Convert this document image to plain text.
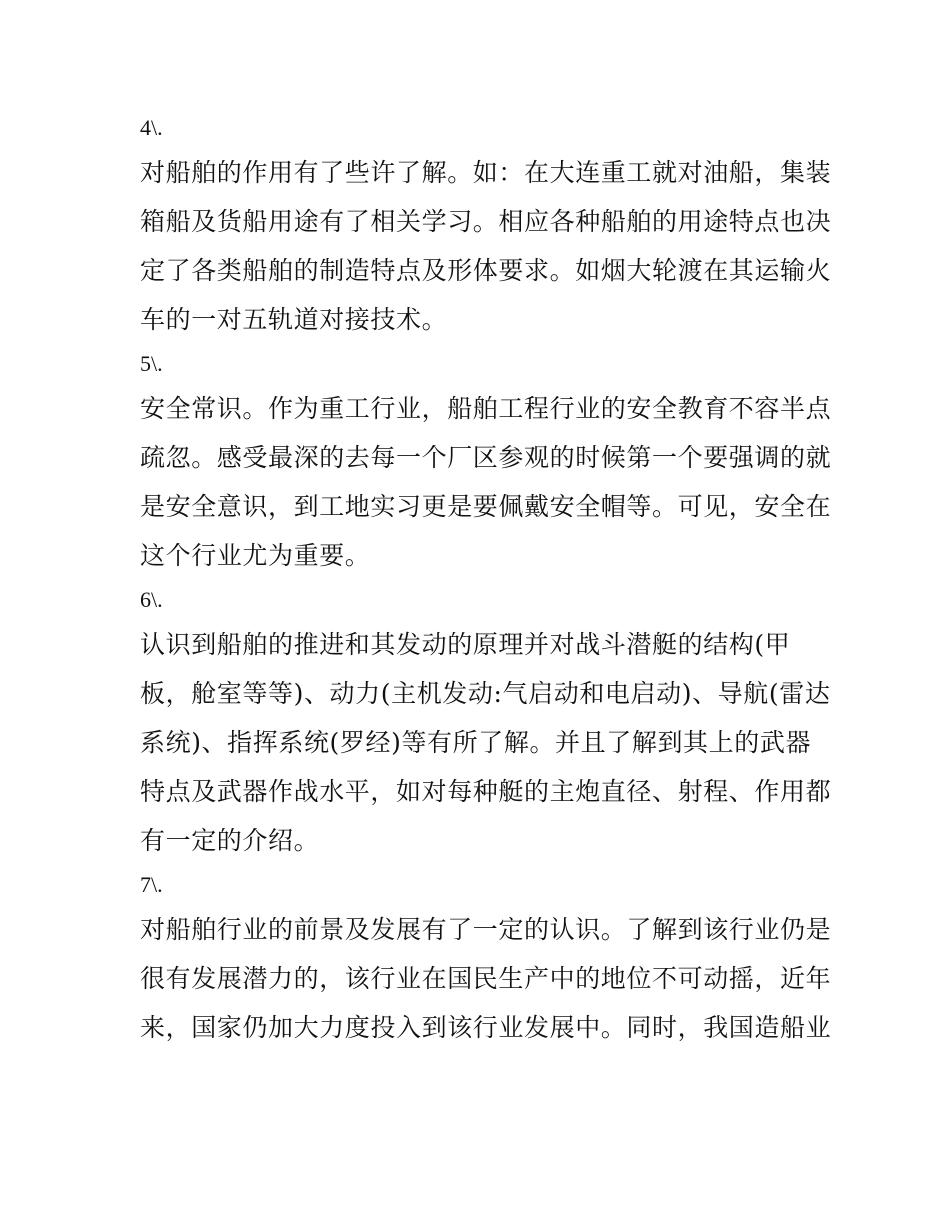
4\.
对船舶的作用有了些许了解。如：在大连重工就对油船，集装
箱船及货船用途有了相关学习。相应各种船舶的用途特点也决
定了各类船舶的制造特点及形体要求。如烟大轮渡在其运输火
车的一对五轨道对接技术。
5\.
安全常识。作为重工行业，船舶工程行业的安全教育不容半点
疏忽。感受最深的去每一个厂区参观的时候第一个要强调的就
是安全意识，到工地实习更是要佩戴安全帽等。可见，安全在
这个行业尤为重要。
6\.
认识到船舶的推进和其发动的原理并对战斗潜艇的结构(甲
板，舱室等等)、动力(主机发动:气启动和电启动)、导航(雷达
系统)、指挥系统(罗经)等有所了解。并且了解到其上的武器
特点及武器作战水平，如对每种艇的主炮直径、射程、作用都
有一定的介绍。
7\.
对船舶行业的前景及发展有了一定的认识。了解到该行业仍是
很有发展潜力的，该行业在国民生产中的地位不可动摇，近年
来，国家仍加大力度投入到该行业发展中。同时，我国造船业
